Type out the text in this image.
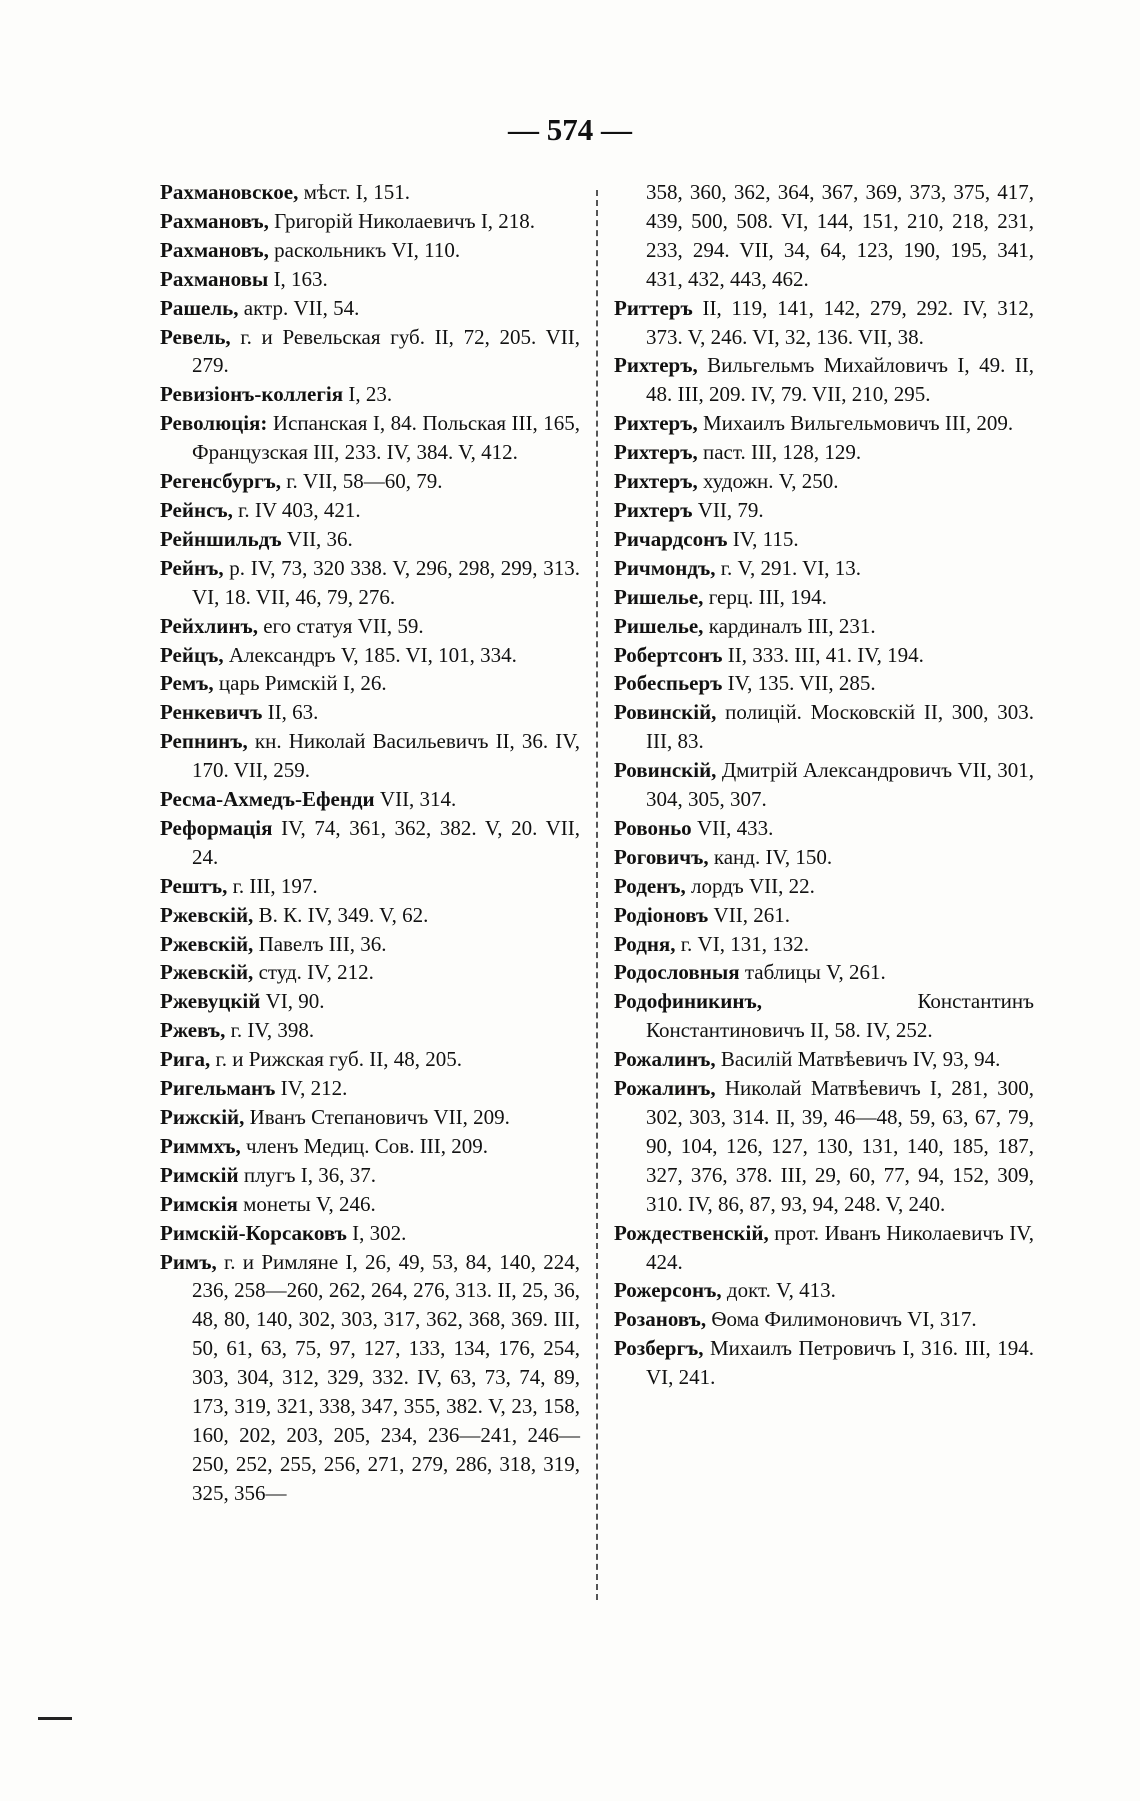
— 574 —

Рахмановское, мѣст. I, 151.

Рахмановъ, Григорій Николаевичъ I, 218.

Рахмановъ, раскольникъ VI, 110.

Рахмановы I, 163.

Рашель, актр. VII, 54.

Ревель, г. и Ревельская губ. II, 72, 205. VII, 279.

Ревизіонъ-коллегія I, 23.

Революція: Испанская I, 84. Польская III, 165, Французская III, 233. IV, 384. V, 412.

Регенсбургъ, г. VII, 58—60, 79.

Рейнсъ, г. IV 403, 421.

Рейншильдъ VII, 36.

Рейнъ, р. IV, 73, 320 338. V, 296, 298, 299, 313. VI, 18. VII, 46, 79, 276.

Рейхлинъ, его статуя VII, 59.

Рейцъ, Александръ V, 185. VI, 101, 334.

Ремъ, царь Римскій I, 26.

Ренкевичъ II, 63.

Репнинъ, кн. Николай Васильевичъ II, 36. IV, 170. VII, 259.

Ресма-Ахмедъ-Ефенди VII, 314.

Реформація IV, 74, 361, 362, 382. V, 20. VII, 24.

Рештъ, г. III, 197.

Ржевскій, В. К. IV, 349. V, 62.

Ржевскій, Павелъ III, 36.

Ржевскій, студ. IV, 212.

Ржевуцкій VI, 90.

Ржевъ, г. IV, 398.

Рига, г. и Рижская губ. II, 48, 205.

Ригельманъ IV, 212.

Рижскій, Иванъ Степановичъ VII, 209.

Риммхъ, членъ Медиц. Сов. III, 209.

Римскій плугъ I, 36, 37.

Римскія монеты V, 246.

Римскій-Корсаковъ I, 302.

Римъ, г. и Римляне I, 26, 49, 53, 84, 140, 224, 236, 258—260, 262, 264, 276, 313. II, 25, 36, 48, 80, 140, 302, 303, 317, 362, 368, 369. III, 50, 61, 63, 75, 97, 127, 133, 134, 176, 254, 303, 304, 312, 329, 332. IV, 63, 73, 74, 89, 173, 319, 321, 338, 347, 355, 382. V, 23, 158, 160, 202, 203, 205, 234, 236—241, 246—250, 252, 255, 256, 271, 279, 286, 318, 319, 325, 356—

358, 360, 362, 364, 367, 369, 373, 375, 417, 439, 500, 508. VI, 144, 151, 210, 218, 231, 233, 294. VII, 34, 64, 123, 190, 195, 341, 431, 432, 443, 462.

Риттеръ II, 119, 141, 142, 279, 292. IV, 312, 373. V, 246. VI, 32, 136. VII, 38.

Рихтеръ, Вильгельмъ Михайловичъ I, 49. II, 48. III, 209. IV, 79. VII, 210, 295.

Рихтеръ, Михаилъ Вильгельмовичъ III, 209.

Рихтеръ, паст. III, 128, 129.

Рихтеръ, художн. V, 250.

Рихтеръ VII, 79.

Ричардсонъ IV, 115.

Ричмондъ, г. V, 291. VI, 13.

Ришелье, герц. III, 194.

Ришелье, кардиналъ III, 231.

Робертсонъ II, 333. III, 41. IV, 194.

Робеспьеръ IV, 135. VII, 285.

Ровинскій, полицій. Московскій II, 300, 303. III, 83.

Ровинскій, Дмитрій Александровичъ VII, 301, 304, 305, 307.

Ровоньо VII, 433.

Роговичъ, канд. IV, 150.

Роденъ, лордъ VII, 22.

Родіоновъ VII, 261.

Родня, г. VI, 131, 132.

Родословныя таблицы V, 261.

Родофиникинъ, Константинъ Константиновичъ II, 58. IV, 252.

Рожалинъ, Василій Матвѣевичъ IV, 93, 94.

Рожалинъ, Николай Матвѣевичъ I, 281, 300, 302, 303, 314. II, 39, 46—48, 59, 63, 67, 79, 90, 104, 126, 127, 130, 131, 140, 185, 187, 327, 376, 378. III, 29, 60, 77, 94, 152, 309, 310. IV, 86, 87, 93, 94, 248. V, 240.

Рождественскій, прот. Иванъ Николаевичъ IV, 424.

Рожерсонъ, докт. V, 413.

Розановъ, Ѳома Филимоновичъ VI, 317.

Розбергъ, Михаилъ Петровичъ I, 316. III, 194. VI, 241.
